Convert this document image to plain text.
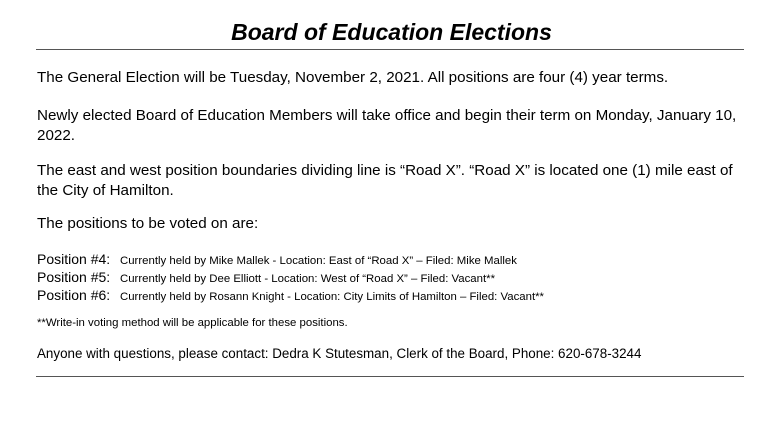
Board of Education Elections

The General Election will be Tuesday, November 2, 2021. All positions are four (4) year terms.

Newly elected Board of Education Members will take office and begin their term on Monday, January 10, 2022.

The east and west position boundaries dividing line is “Road X”. “Road X” is located one (1) mile east of the City of Hamilton.

The positions to be voted on are:

Position #4: Currently held by Mike Mallek - Location: East of “Road X” – Filed: Mike Mallek
Position #5: Currently held by Dee Elliott - Location: West of “Road X” – Filed: Vacant**
Position #6: Currently held by Rosann Knight - Location: City Limits of Hamilton – Filed: Vacant**
**Write-in voting method will be applicable for these positions.
Anyone with questions, please contact: Dedra K Stutesman, Clerk of the Board, Phone: 620-678-3244
